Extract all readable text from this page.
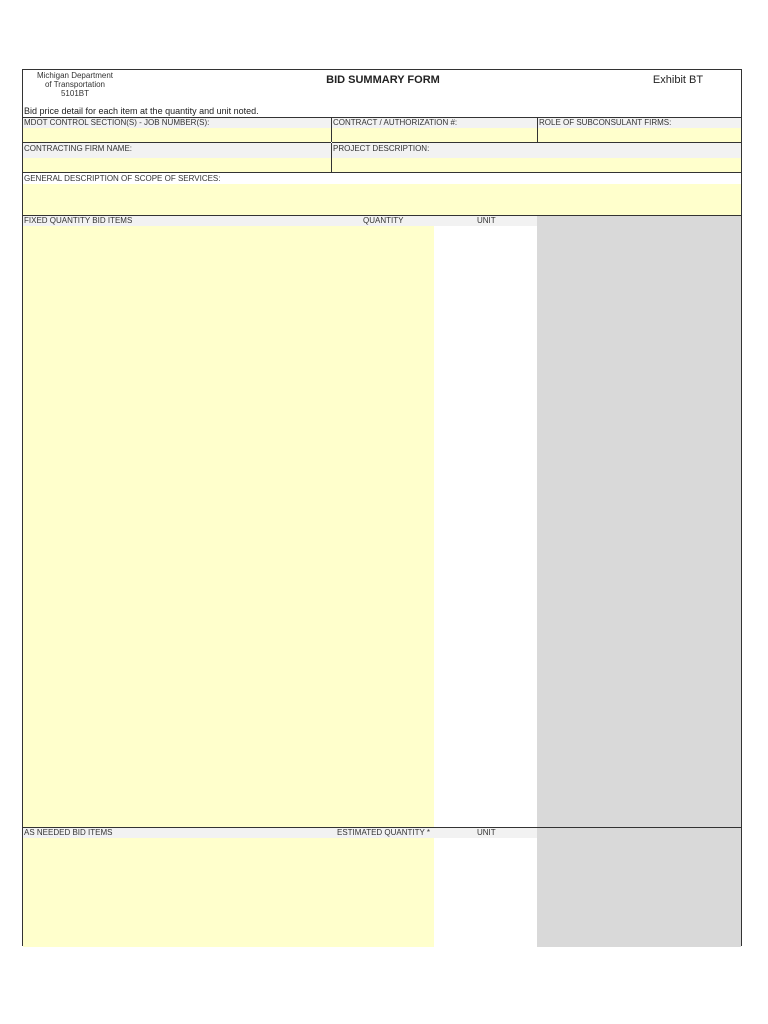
Michigan Department
of Transportation
5101BT
BID SUMMARY FORM	Exhibit BT
Bid price detail for each item at the quantity and unit noted.
MDOT CONTROL SECTION(S) - JOB NUMBER(S):	CONTRACT / AUTHORIZATION #:	ROLE OF SUBCONSULANT FIRMS:
CONTRACTING FIRM NAME:	PROJECT DESCRIPTION:
GENERAL DESCRIPTION OF SCOPE OF SERVICES:
FIXED QUANTITY BID ITEMS	QUANTITY	UNIT
AS NEEDED BID ITEMS	ESTIMATED QUANTITY *	UNIT
